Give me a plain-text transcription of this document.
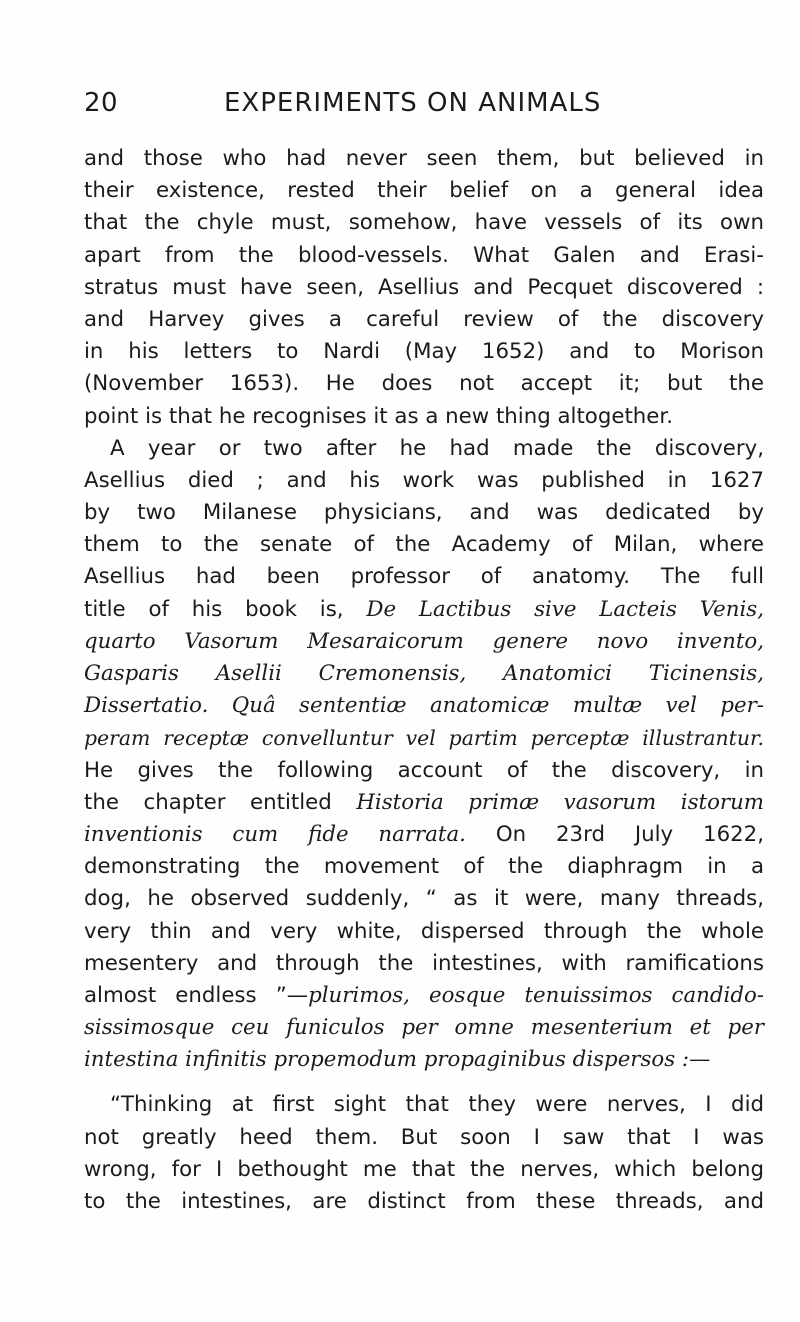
20	EXPERIMENTS ON ANIMALS
and those who had never seen them, but believed in
their existence, rested their belief on a general idea
that the chyle must, somehow, have vessels of its own
apart from the blood-vessels. What Galen and Erasi-
stratus must have seen, Asellius and Pecquet discovered :
and Harvey gives a careful review of the discovery
in his letters to Nardi (May 1652) and to Morison
(November 1653). He does not accept it; but the
point is that he recognises it as a new thing altogether.
A year or two after he had made the discovery,
Asellius died ; and his work was published in 1627
by two Milanese physicians, and was dedicated by
them to the senate of the Academy of Milan, where
Asellius had been professor of anatomy. The full
title of his book is, De Lactibus sive Lacteis Venis,
quarto Vasorum Mesaraicorum genere novo invento,
Gasparis Asellii Cremonensis, Anatomici Ticinensis,
Dissertatio. Quâ sententiæ anatomicæ multæ vel per-
peram receptæ convelluntur vel partim perceptæ illustrantur.
He gives the following account of the discovery, in
the chapter entitled Historia primæ vasorum istorum
inventionis cum fide narrata. On 23rd July 1622,
demonstrating the movement of the diaphragm in a
dog, he observed suddenly, “ as it were, many threads,
very thin and very white, dispersed through the whole
mesentery and through the intestines, with ramifications
almost endless ”—plurimos, eosque tenuissimos candido-
sissimosque ceu funiculos per omne mesenterium et per
intestina infinitis propemodum propaginibus dispersos :—
“Thinking at first sight that they were nerves, I did
not greatly heed them. But soon I saw that I was
wrong, for I bethought me that the nerves, which belong
to the intestines, are distinct from these threads, and
